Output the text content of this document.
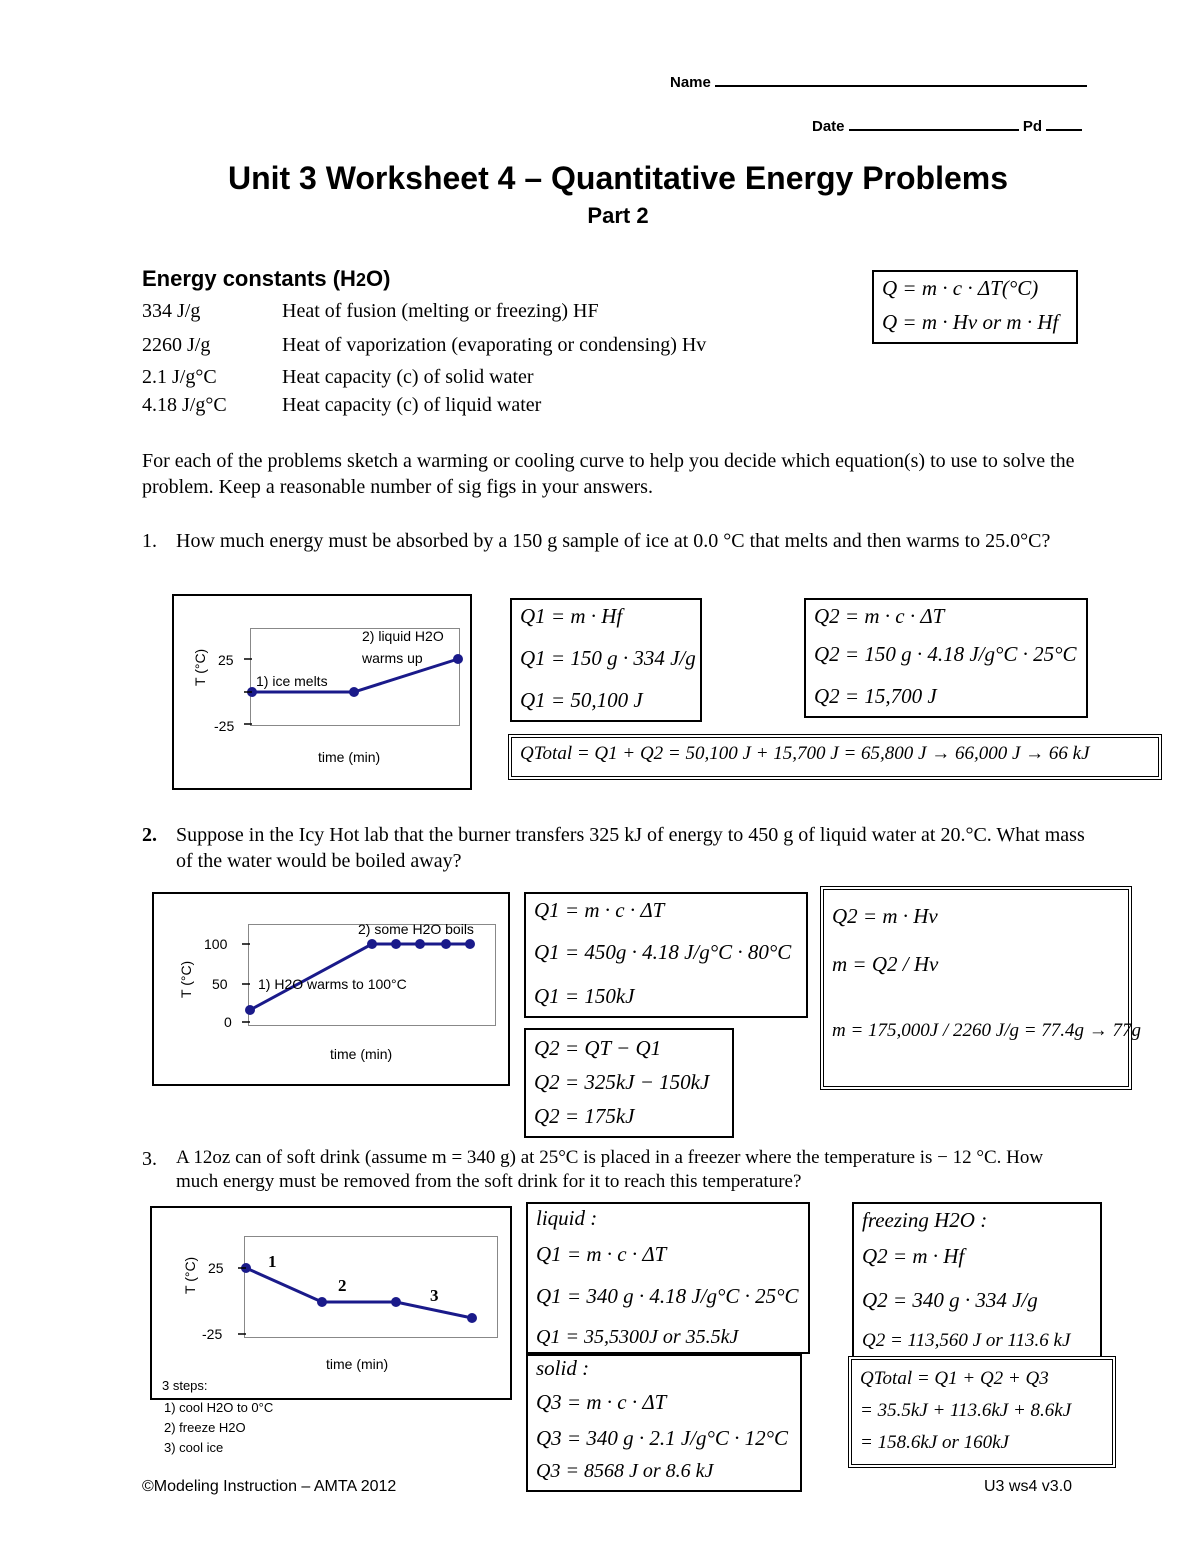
Name
Date	Pd
Unit 3 Worksheet 4 – Quantitative Energy Problems
Part 2
Energy constants (H2O)
334 J/g	Heat of fusion (melting or freezing) HF
2260 J/g	Heat of vaporization (evaporating or condensing) Hv
2.1 J/g°C	Heat capacity (c) of solid water
4.18 J/g°C	Heat capacity (c) of liquid water
Q = m · c · ΔT(°C)
Q = m · Hv or m · Hf
For each of the problems sketch a warming or cooling curve to help you decide which equation(s) to use to solve the problem. Keep a reasonable number of sig figs in your answers.
1. How much energy must be absorbed by a 150 g sample of ice at 0.0 °C that melts and then warms to 25.0°C?
T (°C) 25
-25
1) ice melts
2) liquid H2O
warms up
time (min)
Q1 = m · Hf
Q1 = 150 g · 334 J/g
Q1 = 50,100 J
Q2 = m · c · ΔT
Q2 = 150 g · 4.18 J/g°C · 25°C
Q2 = 15,700 J
QTotal = Q1 + Q2 = 50,100 J + 15,700 J = 65,800 J → 66,000 J → 66 kJ
2. Suppose in the Icy Hot lab that the burner transfers 325 kJ of energy to 450 g of liquid water at 20.°C. What mass of the water would be boiled away?
T (°C)
100
50
0
1) H2O warms to 100°C
2) some H2O boils
time (min)
Q1 = m · c · ΔT
Q1 = 450g · 4.18 J/g°C · 80°C
Q1 = 150kJ
Q2 = QT − Q1
Q2 = 325kJ − 150kJ
Q2 = 175kJ
Q2 = m · Hv
m = Q2 / Hv
m = 175,000J / 2260 J/g = 77.4g → 77g
3. A 12oz can of soft drink (assume m = 340 g) at 25°C is placed in a freezer where the temperature is − 12 °C. How much energy must be removed from the soft drink for it to reach this temperature?
T (°C) 25
-25
1
2
3
time (min)
3 steps:
1) cool H2O to 0°C
2) freeze H2O
3) cool ice
liquid :
Q1 = m · c · ΔT
Q1 = 340 g · 4.18 J/g°C · 25°C
Q1 = 35,5300J or 35.5kJ
freezing H2O :
Q2 = m · Hf
Q2 = 340 g · 334 J/g
Q2 = 113,560 J or 113.6 kJ
solid :
Q3 = m · c · ΔT
Q3 = 340 g · 2.1 J/g°C · 12°C
Q3 = 8568 J or 8.6 kJ
QTotal = Q1 + Q2 + Q3
= 35.5kJ + 113.6kJ + 8.6kJ
= 158.6kJ or 160kJ
©Modeling Instruction – AMTA 2012	U3 ws4 v3.0
